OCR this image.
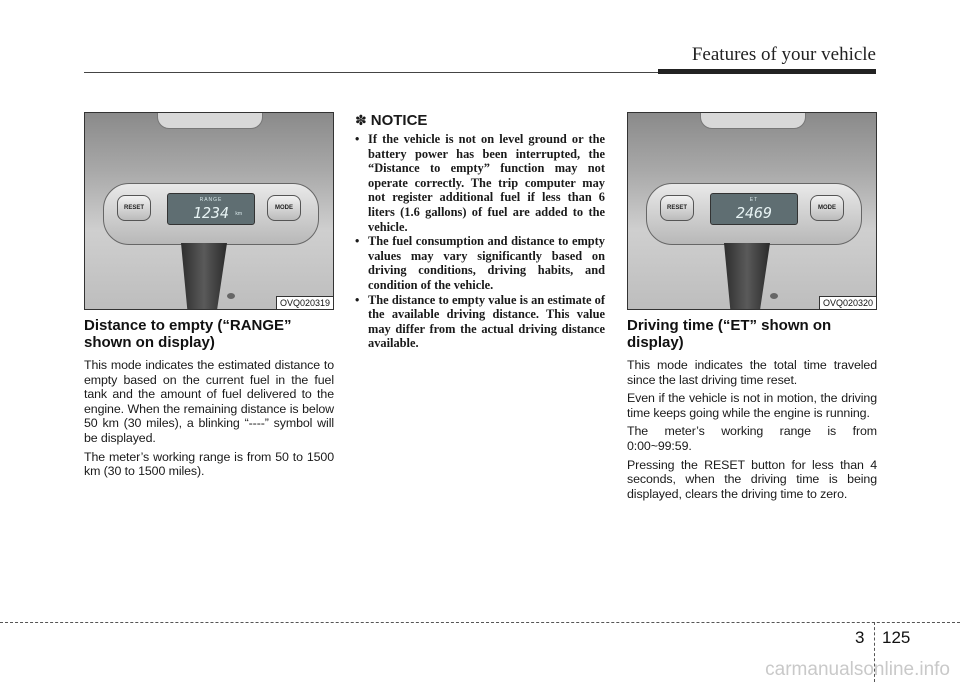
Features of your vehicle
RESET	MODE
RANGE
1234	km
OVQ020319
Distance to empty (“RANGE” shown on display)

This mode indicates the estimated distance to empty based on the current fuel in the fuel tank and the amount of fuel delivered to the engine. When the remaining distance is below 50 km (30 miles), a blinking “----” symbol will be displayed.

The meter’s working range is from 50 to 1500 km (30 to 1500 miles).

✽ NOTICE
• If the vehicle is not on level ground or the battery power has been interrupted, the “Distance to empty” function may not operate correctly. The trip computer may not register additional fuel if less than 6 liters (1.6 gallons) of fuel are added to the vehicle.
• The fuel consumption and distance to empty values may vary significantly based on driving conditions, driving habits, and condition of the vehicle.
• The distance to empty value is an estimate of the available driving distance. This value may differ from the actual driving distance available.
RESET	MODE
ET
2469
OVQ020320
Driving time (“ET” shown on display)

This mode indicates the total time traveled since the last driving time reset.

Even if the vehicle is not in motion, the driving time keeps going while the engine is running.

The meter’s working range is from 0:00~99:59.

Pressing the RESET button for less than 4 seconds, when the driving time is being displayed, clears the driving time to zero.

3 125
carmanualsonline.info
